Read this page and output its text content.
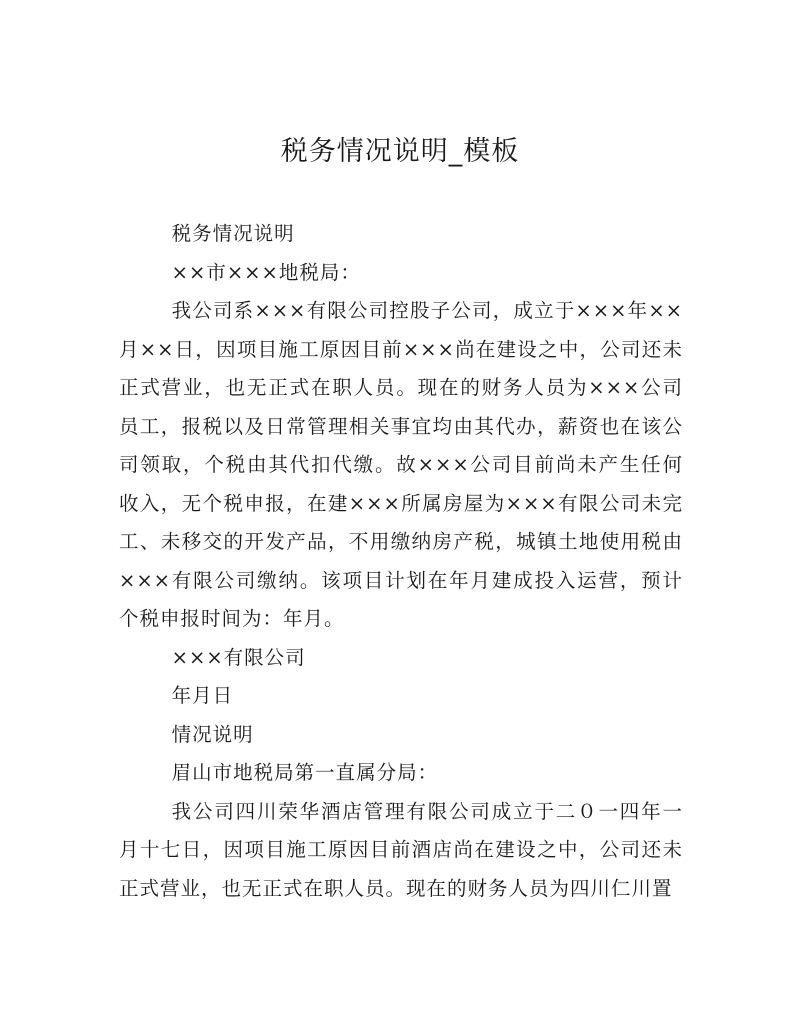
税务情况说明_模板

税务情况说明

××市×××地税局：

我公司系×××有限公司控股子公司，成立于×××年××月××日，因项目施工原因目前×××尚在建设之中，公司还未正式营业，也无正式在职人员。现在的财务人员为×××公司员工，报税以及日常管理相关事宜均由其代办，薪资也在该公司领取，个税由其代扣代缴。故×××公司目前尚未产生任何收入，无个税申报，在建×××所属房屋为×××有限公司未完工、未移交的开发产品，不用缴纳房产税，城镇土地使用税由×××有限公司缴纳。该项目计划在年月建成投入运营，预计个税申报时间为：年月。

×××有限公司

年月日

情况说明

眉山市地税局第一直属分局：

我公司四川荣华酒店管理有限公司成立于二０一四年一月十七日，因项目施工原因目前酒店尚在建设之中，公司还未正式营业，也无正式在职人员。现在的财务人员为四川仁川置
